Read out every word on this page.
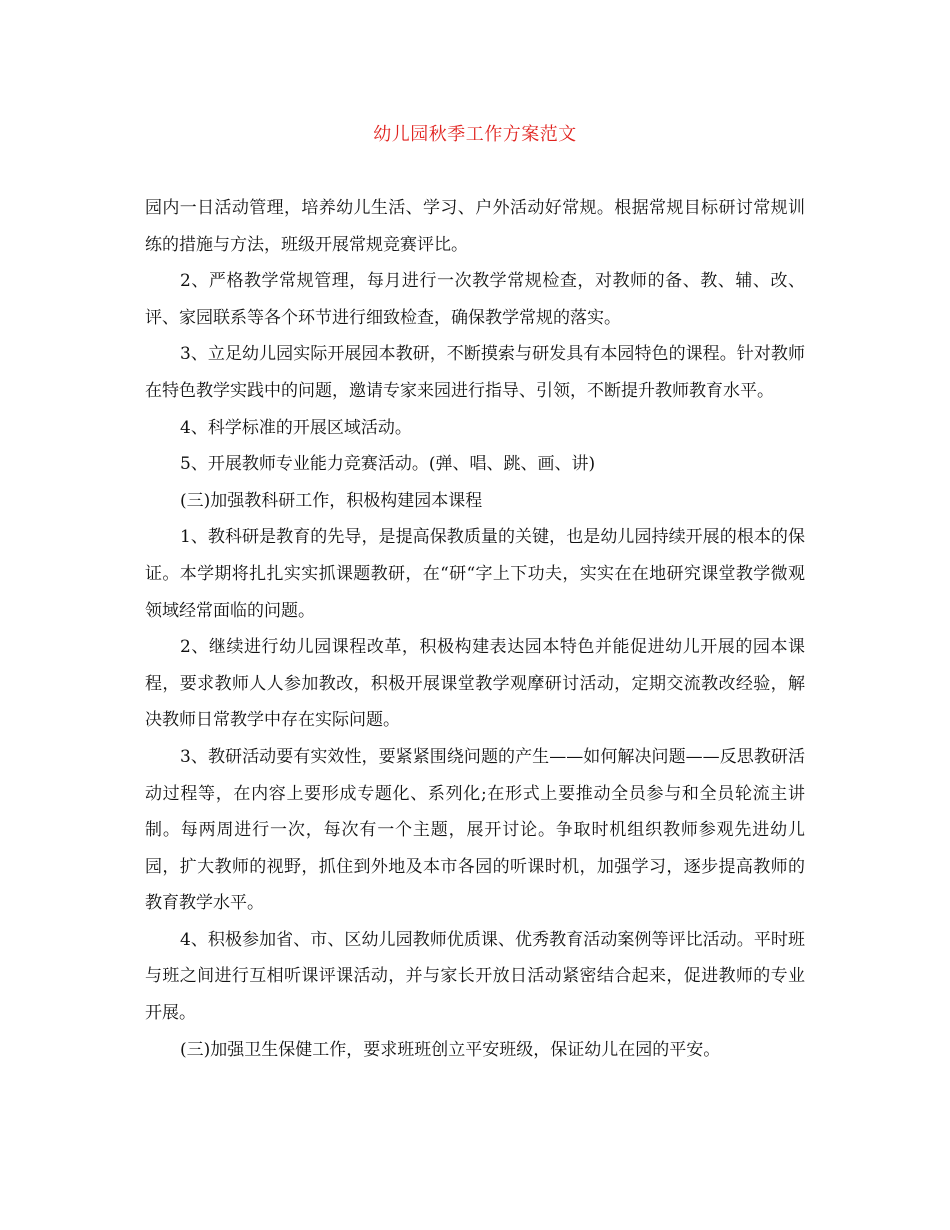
幼儿园秋季工作方案范文

园内一日活动管理，培养幼儿生活、学习、户外活动好常规。根据常规目标研讨常规训练的措施与方法，班级开展常规竞赛评比。

2、严格教学常规管理，每月进行一次教学常规检查，对教师的备、教、辅、改、评、家园联系等各个环节进行细致检查，确保教学常规的落实。

3、立足幼儿园实际开展园本教研，不断摸索与研发具有本园特色的课程。针对教师在特色教学实践中的问题，邀请专家来园进行指导、引领，不断提升教师教育水平。

4、科学标准的开展区域活动。

5、开展教师专业能力竞赛活动。(弹、唱、跳、画、讲)

(三)加强教科研工作，积极构建园本课程

1、教科研是教育的先导，是提高保教质量的关键，也是幼儿园持续开展的根本的保证。本学期将扎扎实实抓课题教研，在“研“字上下功夫，实实在在地研究课堂教学微观领域经常面临的问题。

2、继续进行幼儿园课程改革，积极构建表达园本特色并能促进幼儿开展的园本课程，要求教师人人参加教改，积极开展课堂教学观摩研讨活动，定期交流教改经验，解决教师日常教学中存在实际问题。

3、教研活动要有实效性，要紧紧围绕问题的产生——如何解决问题——反思教研活动过程等，在内容上要形成专题化、系列化;在形式上要推动全员参与和全员轮流主讲制。每两周进行一次，每次有一个主题，展开讨论。争取时机组织教师参观先进幼儿园，扩大教师的视野，抓住到外地及本市各园的听课时机，加强学习，逐步提高教师的教育教学水平。

4、积极参加省、市、区幼儿园教师优质课、优秀教育活动案例等评比活动。平时班与班之间进行互相听课评课活动，并与家长开放日活动紧密结合起来，促进教师的专业开展。

(三)加强卫生保健工作，要求班班创立平安班级，保证幼儿在园的平安。
